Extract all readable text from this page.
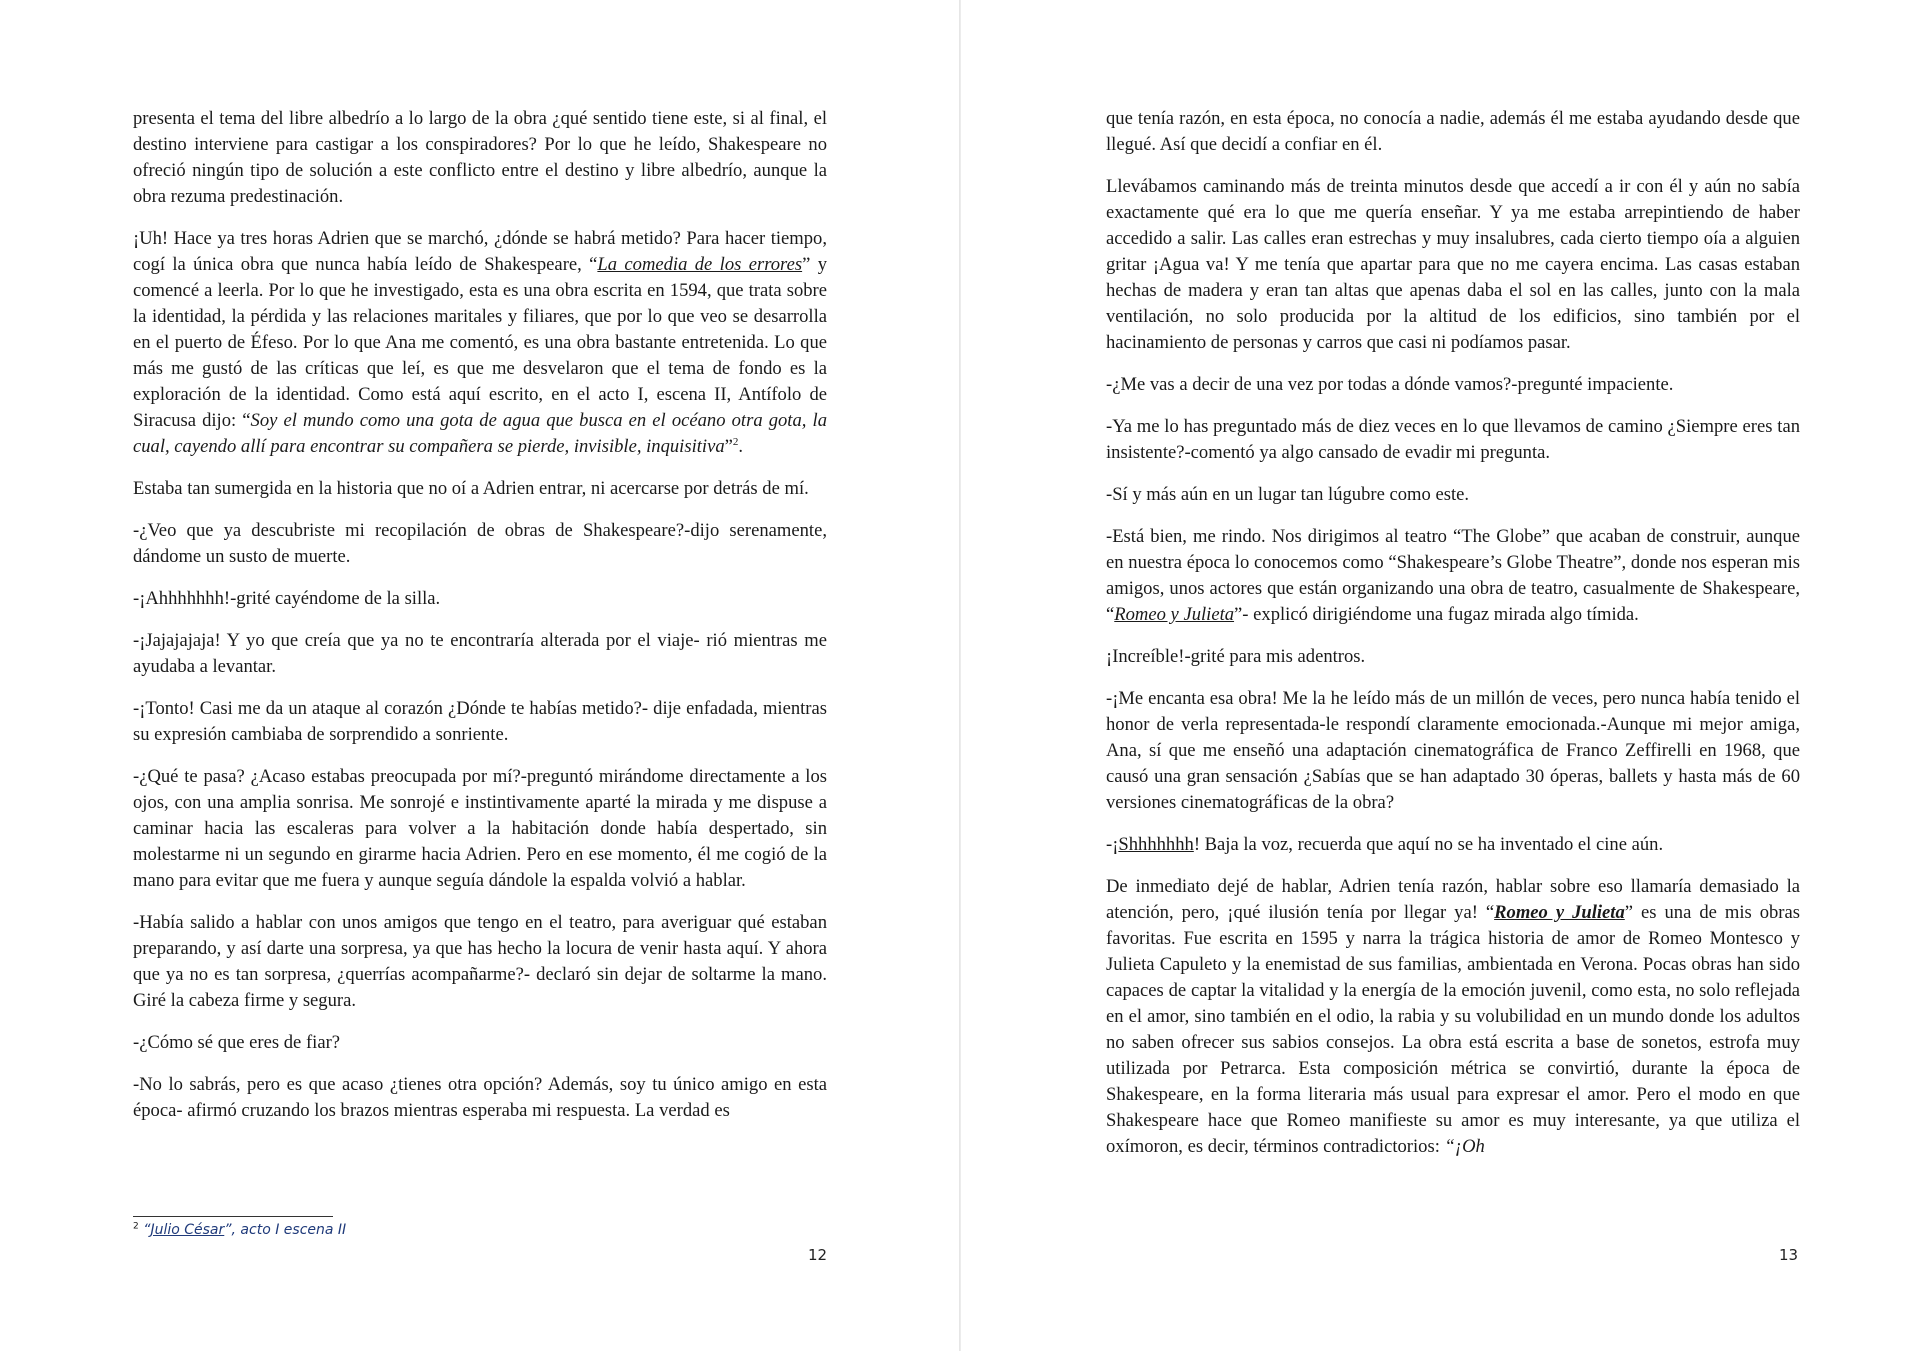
presenta el tema del libre albedrío a lo largo de la obra ¿qué sentido tiene este, si al final, el destino interviene para castigar a los conspiradores? Por lo que he leído, Shakespeare no ofreció ningún tipo de solución a este conflicto entre el destino y libre albedrío, aunque la obra rezuma predestinación.

¡Uh! Hace ya tres horas Adrien que se marchó, ¿dónde se habrá metido? Para hacer tiempo, cogí la única obra que nunca había leído de Shakespeare, “La comedia de los errores” y comencé a leerla. Por lo que he investigado, esta es una obra escrita en 1594, que trata sobre la identidad, la pérdida y las relaciones maritales y filiares, que por lo que veo se desarrolla en el puerto de Éfeso. Por lo que Ana me comentó, es una obra bastante entretenida. Lo que más me gustó de las críticas que leí, es que me desvelaron que el tema de fondo es la exploración de la identidad. Como está aquí escrito, en el acto I, escena II, Antífolo de Siracusa dijo: “Soy el mundo como una gota de agua que busca en el océano otra gota, la cual, cayendo allí para encontrar su compañera se pierde, invisible, inquisitiva”$^2$.

Estaba tan sumergida en la historia que no oí a Adrien entrar, ni acercarse por detrás de mí.

-¿Veo que ya descubriste mi recopilación de obras de Shakespeare?-dijo serenamente, dándome un susto de muerte.

-¡Ahhhhhhh!-grité cayéndome de la silla.

-¡Jajajajaja! Y yo que creía que ya no te encontraría alterada por el viaje- rió mientras me ayudaba a levantar.

-¡Tonto! Casi me da un ataque al corazón ¿Dónde te habías metido?- dije enfadada, mientras su expresión cambiaba de sorprendido a sonriente.

-¿Qué te pasa? ¿Acaso estabas preocupada por mí?-preguntó mirándome directamente a los ojos, con una amplia sonrisa. Me sonrojé e instintivamente aparté la mirada y me dispuse a caminar hacia las escaleras para volver a la habitación donde había despertado, sin molestarme ni un segundo en girarme hacia Adrien. Pero en ese momento, él me cogió de la mano para evitar que me fuera y aunque seguía dándole la espalda volvió a hablar.

-Había salido a hablar con unos amigos que tengo en el teatro, para averiguar qué estaban preparando, y así darte una sorpresa, ya que has hecho la locura de venir hasta aquí. Y ahora que ya no es tan sorpresa, ¿querrías acompañarme?- declaró sin dejar de soltarme la mano. Giré la cabeza firme y segura.

-¿Cómo sé que eres de fiar?

-No lo sabrás, pero es que acaso ¿tienes otra opción? Además, soy tu único amigo en esta época- afirmó cruzando los brazos mientras esperaba mi respuesta. La verdad es

$^2$ “Julio César”, acto I escena II
12

que tenía razón, en esta época, no conocía a nadie, además él me estaba ayudando desde que llegué. Así que decidí a confiar en él.

Llevábamos caminando más de treinta minutos desde que accedí a ir con él y aún no sabía exactamente qué era lo que me quería enseñar. Y ya me estaba arrepintiendo de haber accedido a salir. Las calles eran estrechas y muy insalubres, cada cierto tiempo oía a alguien gritar ¡Agua va! Y me tenía que apartar para que no me cayera encima. Las casas estaban hechas de madera y eran tan altas que apenas daba el sol en las calles, junto con la mala ventilación, no solo producida por la altitud de los edificios, sino también por el hacinamiento de personas y carros que casi ni podíamos pasar.

-¿Me vas a decir de una vez por todas a dónde vamos?-pregunté impaciente.

-Ya me lo has preguntado más de diez veces en lo que llevamos de camino ¿Siempre eres tan insistente?-comentó ya algo cansado de evadir mi pregunta.

-Sí y más aún en un lugar tan lúgubre como este.

-Está bien, me rindo. Nos dirigimos al teatro “The Globe” que acaban de construir, aunque en nuestra época lo conocemos como “Shakespeare’s Globe Theatre”, donde nos esperan mis amigos, unos actores que están organizando una obra de teatro, casualmente de Shakespeare, “Romeo y Julieta”- explicó dirigiéndome una fugaz mirada algo tímida.

¡Increíble!-grité para mis adentros.

-¡Me encanta esa obra! Me la he leído más de un millón de veces, pero nunca había tenido el honor de verla representada-le respondí claramente emocionada.-Aunque mi mejor amiga, Ana, sí que me enseñó una adaptación cinematográfica de Franco Zeffirelli en 1968, que causó una gran sensación ¿Sabías que se han adaptado 30 óperas, ballets y hasta más de 60 versiones cinematográficas de la obra?

-¡Shhhhhhh! Baja la voz, recuerda que aquí no se ha inventado el cine aún.

De inmediato dejé de hablar, Adrien tenía razón, hablar sobre eso llamaría demasiado la atención, pero, ¡qué ilusión tenía por llegar ya! “Romeo y Julieta” es una de mis obras favoritas. Fue escrita en 1595 y narra la trágica historia de amor de Romeo Montesco y Julieta Capuleto y la enemistad de sus familias, ambientada en Verona. Pocas obras han sido capaces de captar la vitalidad y la energía de la emoción juvenil, como esta, no solo reflejada en el amor, sino también en el odio, la rabia y su volubilidad en un mundo donde los adultos no saben ofrecer sus sabios consejos. La obra está escrita a base de sonetos, estrofa muy utilizada por Petrarca. Esta composición métrica se convirtió, durante la época de Shakespeare, en la forma literaria más usual para expresar el amor. Pero el modo en que Shakespeare hace que Romeo manifieste su amor es muy interesante, ya que utiliza el oxímoron, es decir, términos contradictorios: “¡Oh

13
